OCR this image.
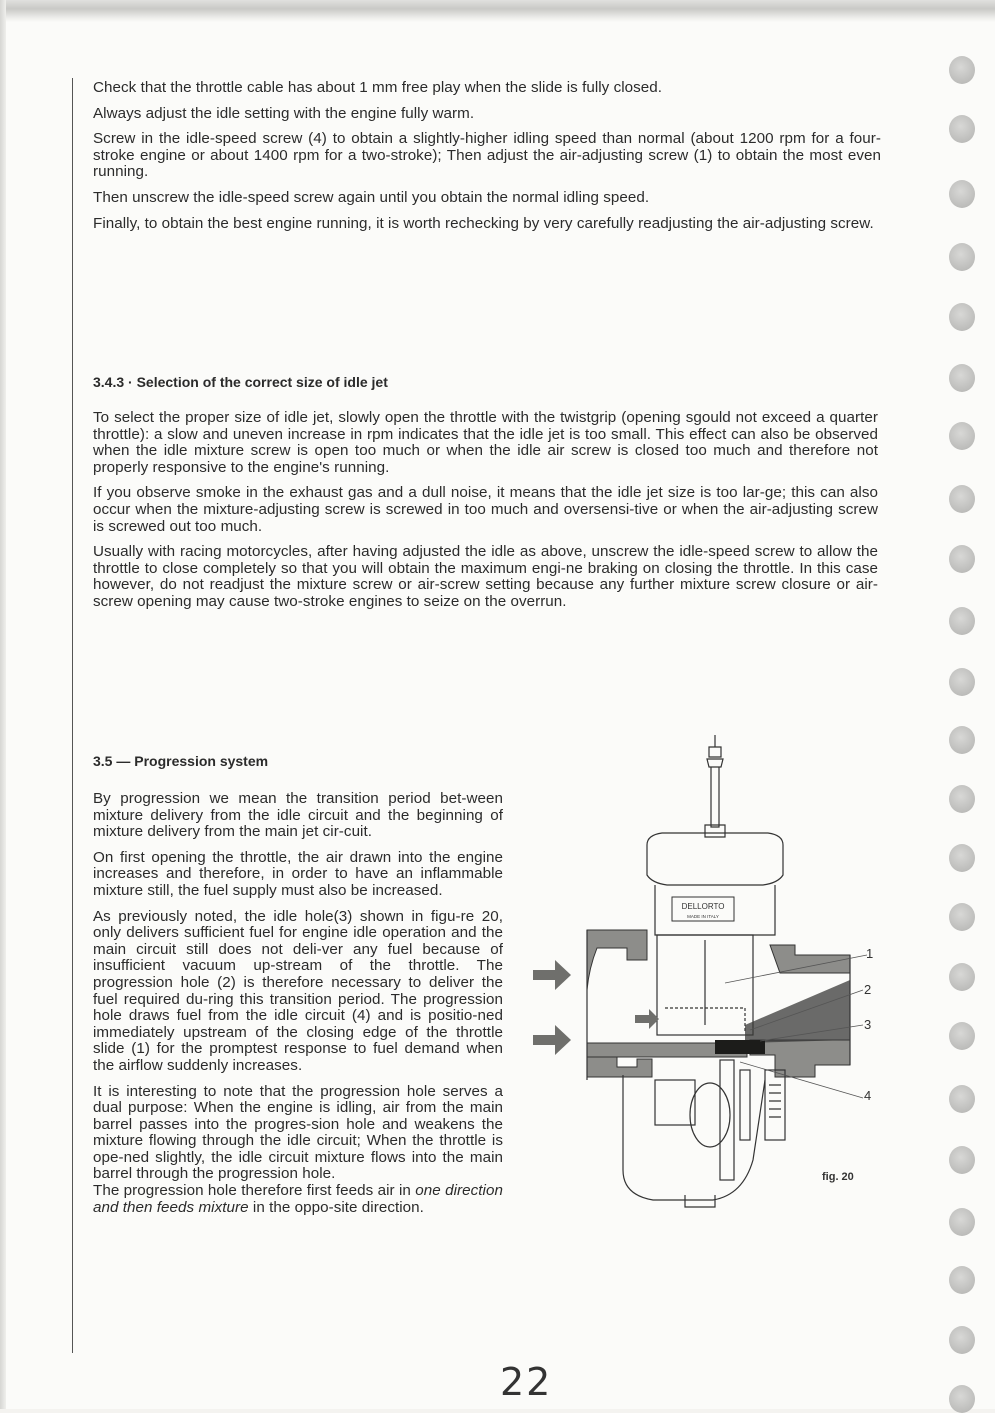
Check that the throttle cable has about 1 mm free play when the slide is fully closed.

Always adjust the idle setting with the engine fully warm.

Screw in the idle-speed screw (4) to obtain a slightly-higher idling speed than normal (about 1200 rpm for a four-stroke engine or about 1400 rpm for a two-stroke); Then adjust the air-adjusting screw (1) to obtain the most even running.

Then unscrew the idle-speed screw again until you obtain the normal idling speed.

Finally, to obtain the best engine running, it is worth rechecking by very carefully readjusting the air-adjusting screw.

3.4.3 · Selection of the correct size of idle jet

To select the proper size of idle jet, slowly open the throttle with the twistgrip (opening sgould not exceed a quarter throttle): a slow and uneven increase in rpm indicates that the idle jet is too small. This effect can also be observed when the idle mixture screw is open too much or when the idle air screw is closed too much and therefore not properly responsive to the engine's running.

If you observe smoke in the exhaust gas and a dull noise, it means that the idle jet size is too lar-ge; this can also occur when the mixture-adjusting screw is screwed in too much and oversensi-tive or when the air-adjusting screw is screwed out too much.

Usually with racing motorcycles, after having adjusted the idle as above, unscrew the idle-speed screw to allow the throttle to close completely so that you will obtain the maximum engi-ne braking on closing the throttle. In this case however, do not readjust the mixture screw or air-screw setting because any further mixture screw closure or air-screw opening may cause two-stroke engines to seize on the overrun.

3.5 — Progression system

By progression we mean the transition period bet-ween mixture delivery from the idle circuit and the beginning of mixture delivery from the main jet cir-cuit.

On first opening the throttle, the air drawn into the engine increases and therefore, in order to have an inflammable mixture still, the fuel supply must also be increased.

As previously noted, the idle hole(3) shown in figu-re 20, only delivers sufficient fuel for engine idle operation and the main circuit still does not deli-ver any fuel because of insufficient vacuum up-stream of the throttle. The progression hole (2) is therefore necessary to deliver the fuel required du-ring this transition period. The progression hole draws fuel from the idle circuit (4) and is positio-ned immediately upstream of the closing edge of the throttle slide (1) for the promptest response to fuel demand when the airflow suddenly increases.

It is interesting to note that the progression hole serves a dual purpose: When the engine is idling, air from the main barrel passes into the progres-sion hole and weakens the mixture flowing through the idle circuit; When the throttle is ope-ned slightly, the idle circuit mixture flows into the main barrel through the progression hole.

The progression hole therefore first feeds air in one direction and then feeds mixture in the oppo-site direction.

DELLORTO
MADE IN ITALY
1
2
3
4
fig. 20
22
